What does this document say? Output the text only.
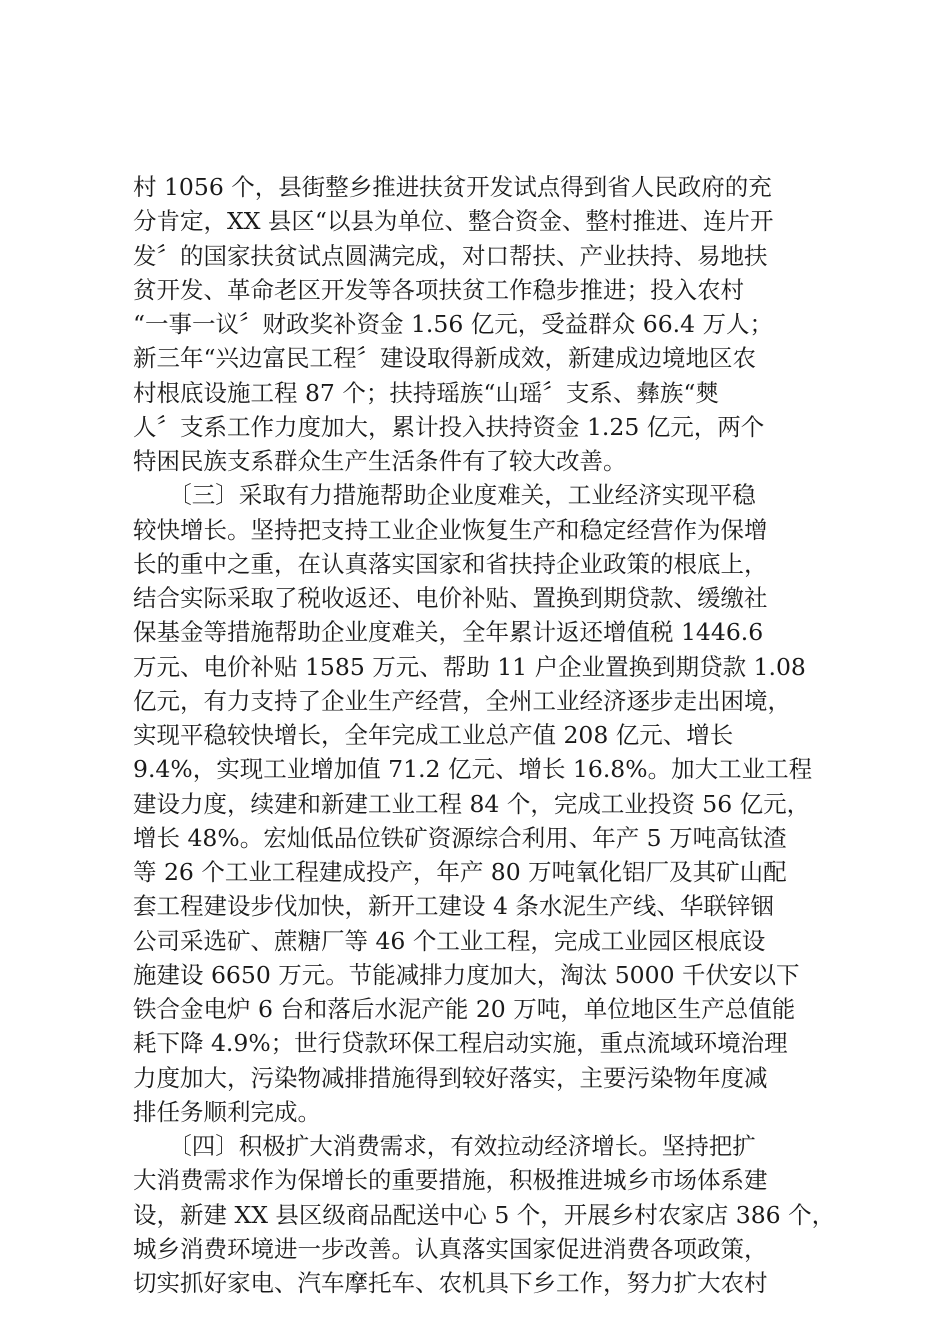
村 1056 个，县街整乡推进扶贫开发试点得到省人民政府的充
分肯定，XX 县区“以县为单位、整合资金、整村推进、连片开
发〞的国家扶贫试点圆满完成，对口帮扶、产业扶持、易地扶
贫开发、革命老区开发等各项扶贫工作稳步推进；投入农村
“一事一议〞财政奖补资金 1.56 亿元，受益群众 66.4 万人；
新三年“兴边富民工程〞建设取得新成效，新建成边境地区农
村根底设施工程 87 个；扶持瑶族“山瑶〞支系、彝族“僰
人〞支系工作力度加大，累计投入扶持资金 1.25 亿元，两个
特困民族支系群众生产生活条件有了较大改善。
　　〔三〕采取有力措施帮助企业度难关，工业经济实现平稳
较快增长。坚持把支持工业企业恢复生产和稳定经营作为保增
长的重中之重，在认真落实国家和省扶持企业政策的根底上，
结合实际采取了税收返还、电价补贴、置换到期贷款、缓缴社
保基金等措施帮助企业度难关，全年累计返还增值税 1446.6
万元、电价补贴 1585 万元、帮助 11 户企业置换到期贷款 1.08
亿元，有力支持了企业生产经营，全州工业经济逐步走出困境，
实现平稳较快增长，全年完成工业总产值 208 亿元、增长
9.4%，实现工业增加值 71.2 亿元、增长 16.8%。加大工业工程
建设力度，续建和新建工业工程 84 个，完成工业投资 56 亿元，
增长 48%。宏灿低品位铁矿资源综合利用、年产 5 万吨高钛渣
等 26 个工业工程建成投产，年产 80 万吨氧化铝厂及其矿山配
套工程建设步伐加快，新开工建设 4 条水泥生产线、华联锌铟
公司采选矿、蔗糖厂等 46 个工业工程，完成工业园区根底设
施建设 6650 万元。节能减排力度加大，淘汰 5000 千伏安以下
铁合金电炉 6 台和落后水泥产能 20 万吨，单位地区生产总值能
耗下降 4.9%；世行贷款环保工程启动实施，重点流域环境治理
力度加大，污染物减排措施得到较好落实，主要污染物年度减
排任务顺利完成。
　　〔四〕积极扩大消费需求，有效拉动经济增长。坚持把扩
大消费需求作为保增长的重要措施，积极推进城乡市场体系建
设，新建 XX 县区级商品配送中心 5 个，开展乡村农家店 386 个，
城乡消费环境进一步改善。认真落实国家促进消费各项政策，
切实抓好家电、汽车摩托车、农机具下乡工作，努力扩大农村
